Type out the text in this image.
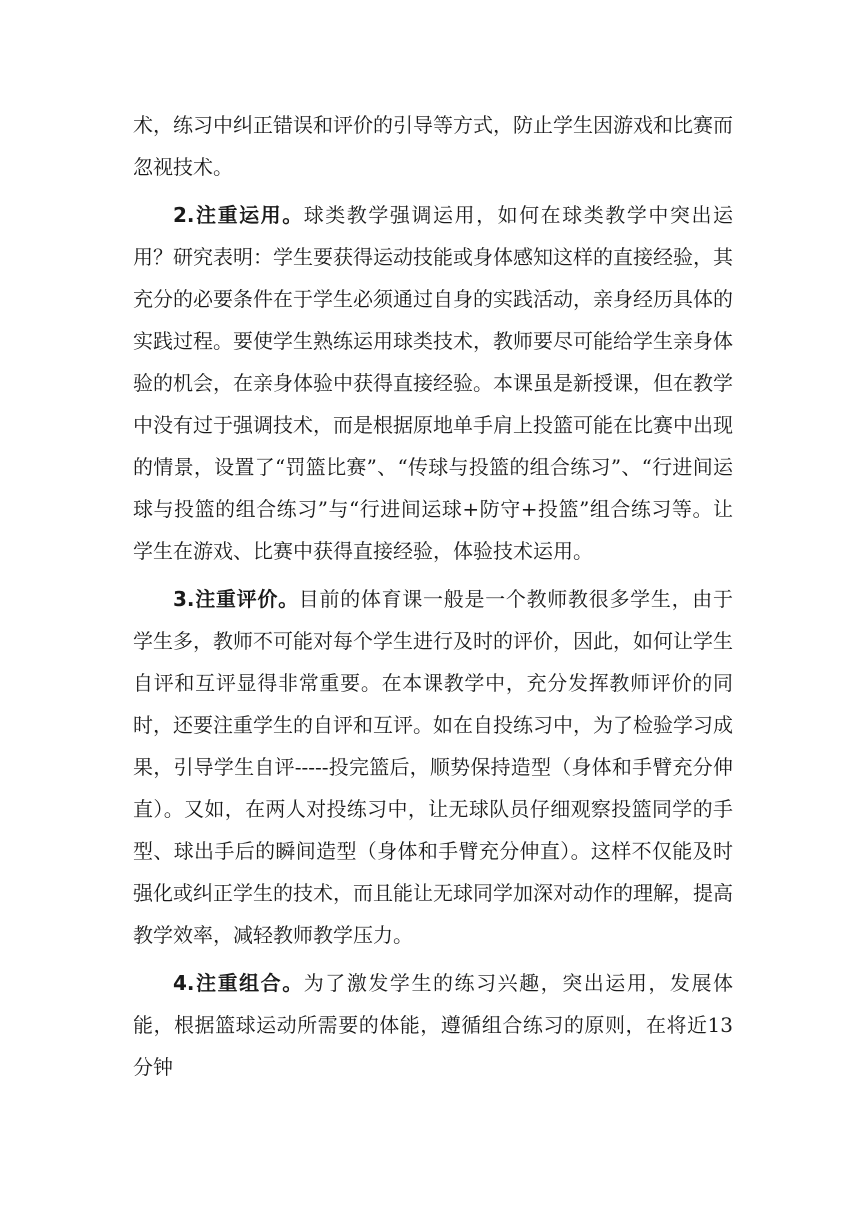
术，练习中纠正错误和评价的引导等方式，防止学生因游戏和比赛而忽视技术。

2.注重运用。球类教学强调运用，如何在球类教学中突出运用？研究表明：学生要获得运动技能或身体感知这样的直接经验，其充分的必要条件在于学生必须通过自身的实践活动，亲身经历具体的实践过程。要使学生熟练运用球类技术，教师要尽可能给学生亲身体验的机会，在亲身体验中获得直接经验。本课虽是新授课，但在教学中没有过于强调技术，而是根据原地单手肩上投篮可能在比赛中出现的情景，设置了“罚篮比赛”、“传球与投篮的组合练习”、“行进间运球与投篮的组合练习”与“行进间运球+防守+投篮”组合练习等。让学生在游戏、比赛中获得直接经验，体验技术运用。

3.注重评价。目前的体育课一般是一个教师教很多学生，由于学生多，教师不可能对每个学生进行及时的评价，因此，如何让学生自评和互评显得非常重要。在本课教学中，充分发挥教师评价的同时，还要注重学生的自评和互评。如在自投练习中，为了检验学习成果，引导学生自评-----投完篮后，顺势保持造型（身体和手臂充分伸直）。又如，在两人对投练习中，让无球队员仔细观察投篮同学的手型、球出手后的瞬间造型（身体和手臂充分伸直）。这样不仅能及时强化或纠正学生的技术，而且能让无球同学加深对动作的理解，提高教学效率，减轻教师教学压力。

4.注重组合。为了激发学生的练习兴趣，突出运用，发展体能，根据篮球运动所需要的体能，遵循组合练习的原则，在将近13分钟
